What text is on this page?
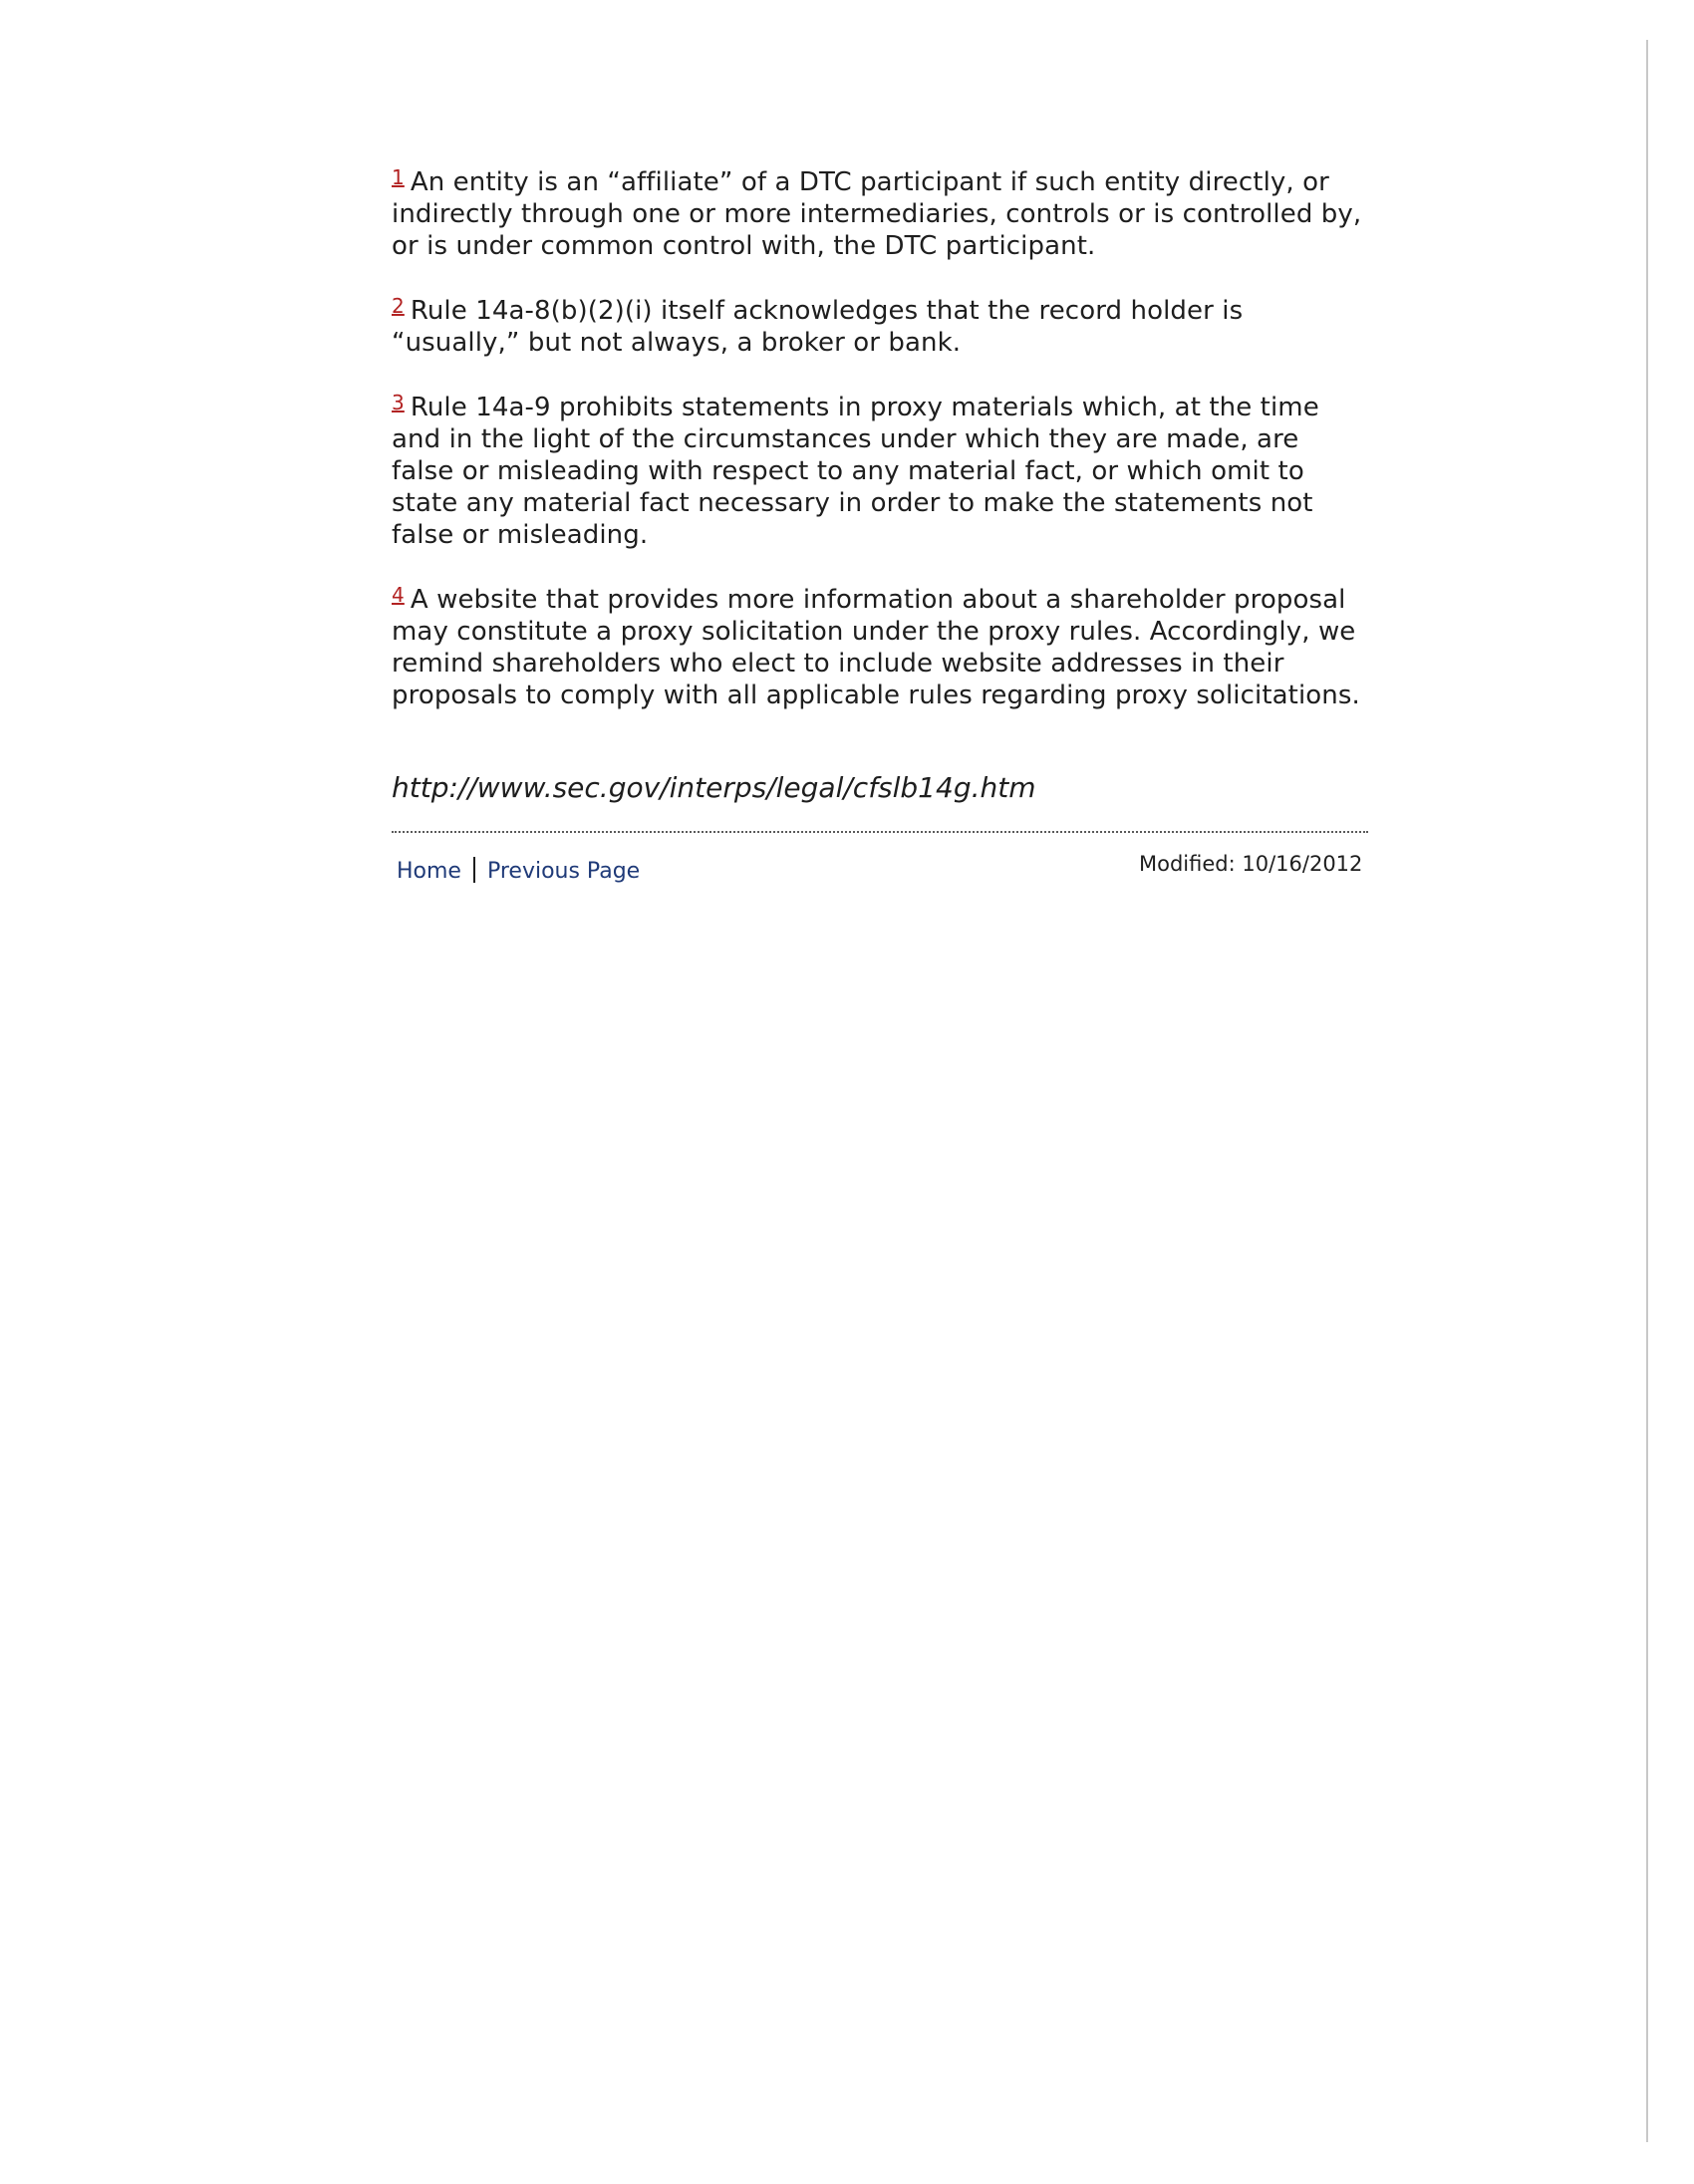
$^1$ An entity is an “affiliate” of a DTC participant if such entity directly, or indirectly through one or more intermediaries, controls or is controlled by, or is under common control with, the DTC participant.

$^2$ Rule 14a-8(b)(2)(i) itself acknowledges that the record holder is “usually,” but not always, a broker or bank.

$^3$ Rule 14a-9 prohibits statements in proxy materials which, at the time and in the light of the circumstances under which they are made, are false or misleading with respect to any material fact, or which omit to state any material fact necessary in order to make the statements not false or misleading.

$^4$ A website that provides more information about a shareholder proposal may constitute a proxy solicitation under the proxy rules. Accordingly, we remind shareholders who elect to include website addresses in their proposals to comply with all applicable rules regarding proxy solicitations.

http://www.sec.gov/interps/legal/cfslb14g.htm
Home Previous Page	Modified: 10/16/2012
